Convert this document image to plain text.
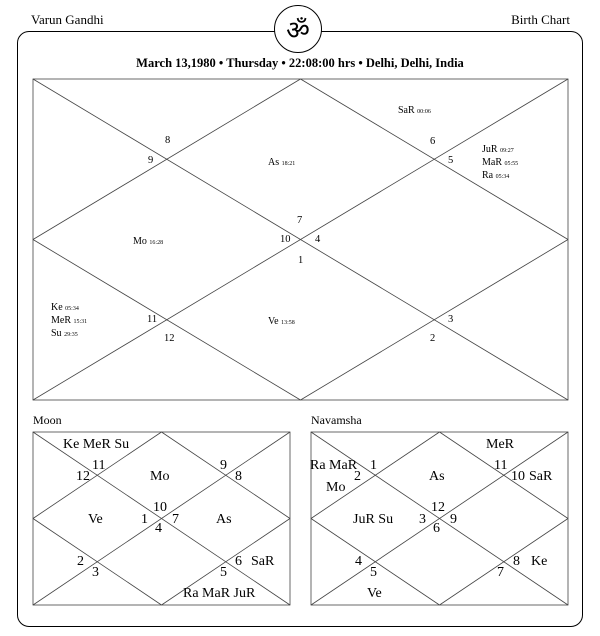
Varun Gandhi	Birth Chart
ॐ
March 13,1980 • Thursday • 22:08:00 hrs • Delhi, Delhi, India
7
10 4
1
8
9
6
5
11
12
3
2
As 18:21
Mo 16:28
Ve 13:58
SaR 00:06
JuR 09:27
MaR 05:55
Ra 05:34
Ke 05:34
MeR 15:31
Su 29:35
Moon
Ke MeR Su
Mo
Ve	As
SaR
Ra MaR JuR
10
1 7
4
11
12
9
8
2
3
6
5
Navamsha
MeR
Ra MaR
Mo
As	SaR
JuR Su
Ke
Ve
12
3 9
6
1
2
11
10
4
5
8
7
